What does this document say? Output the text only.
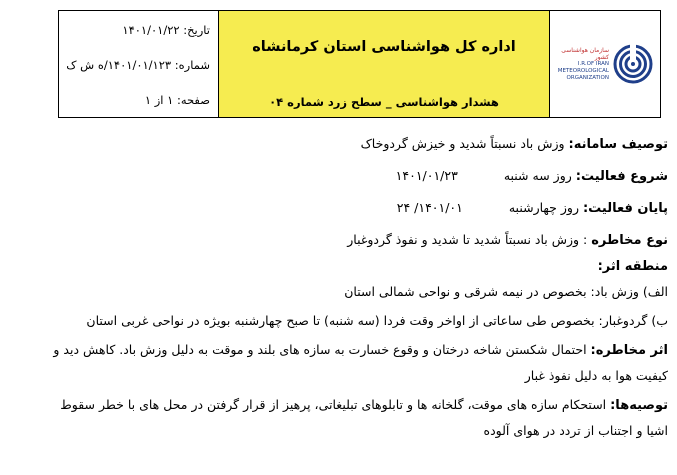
تاریخ: ۱۴۰۱/۰۱/۲۲
شماره: ۱۴۰۱/۰۱/۱۲۳/ه ش ک
صفحه: ۱ از ۱
اداره کل هواشناسی استان کرمانشاه
هشدار هواشناسی _ سطح زرد شماره ۰۴
سازمان هواشناسی کشور
I.R.OF IRAN
METEOROLOGICAL
ORGANIZATION
توصیف سامانه: وزش باد نسبتاً شدید و خیزش گردوخاک
شروع فعالیت: روز سه شنبه۱۴۰۱/۰۱/۲۳
پایان فعالیت: روز چهارشنبه۱۴۰۱/۰۱/ ۲۴
نوع مخاطره : وزش باد نسبتاً شدید تا شدید و نفوذ گردوغبار
منطقه اثر:
الف) وزش باد: بخصوص در نیمه شرقی و نواحی شمالی استان
ب) گردوغبار: بخصوص طی ساعاتی از اواخر وقت فردا (سه شنبه) تا صبح چهارشنبه بویژه در نواحی غربی استان
اثر مخاطره: احتمال شکستن شاخه درختان و وقوع خسارت به سازه های بلند و موقت به دلیل وزش باد. کاهش دید و
کیفیت هوا به دلیل نفوذ غبار
توصیه‌ها: استحکام سازه های موقت، گلخانه ها و تابلوهای تبلیغاتی، پرهیز از قرار گرفتن در محل های با خطر سقوط
اشیا و اجتناب از تردد در هوای آلوده
